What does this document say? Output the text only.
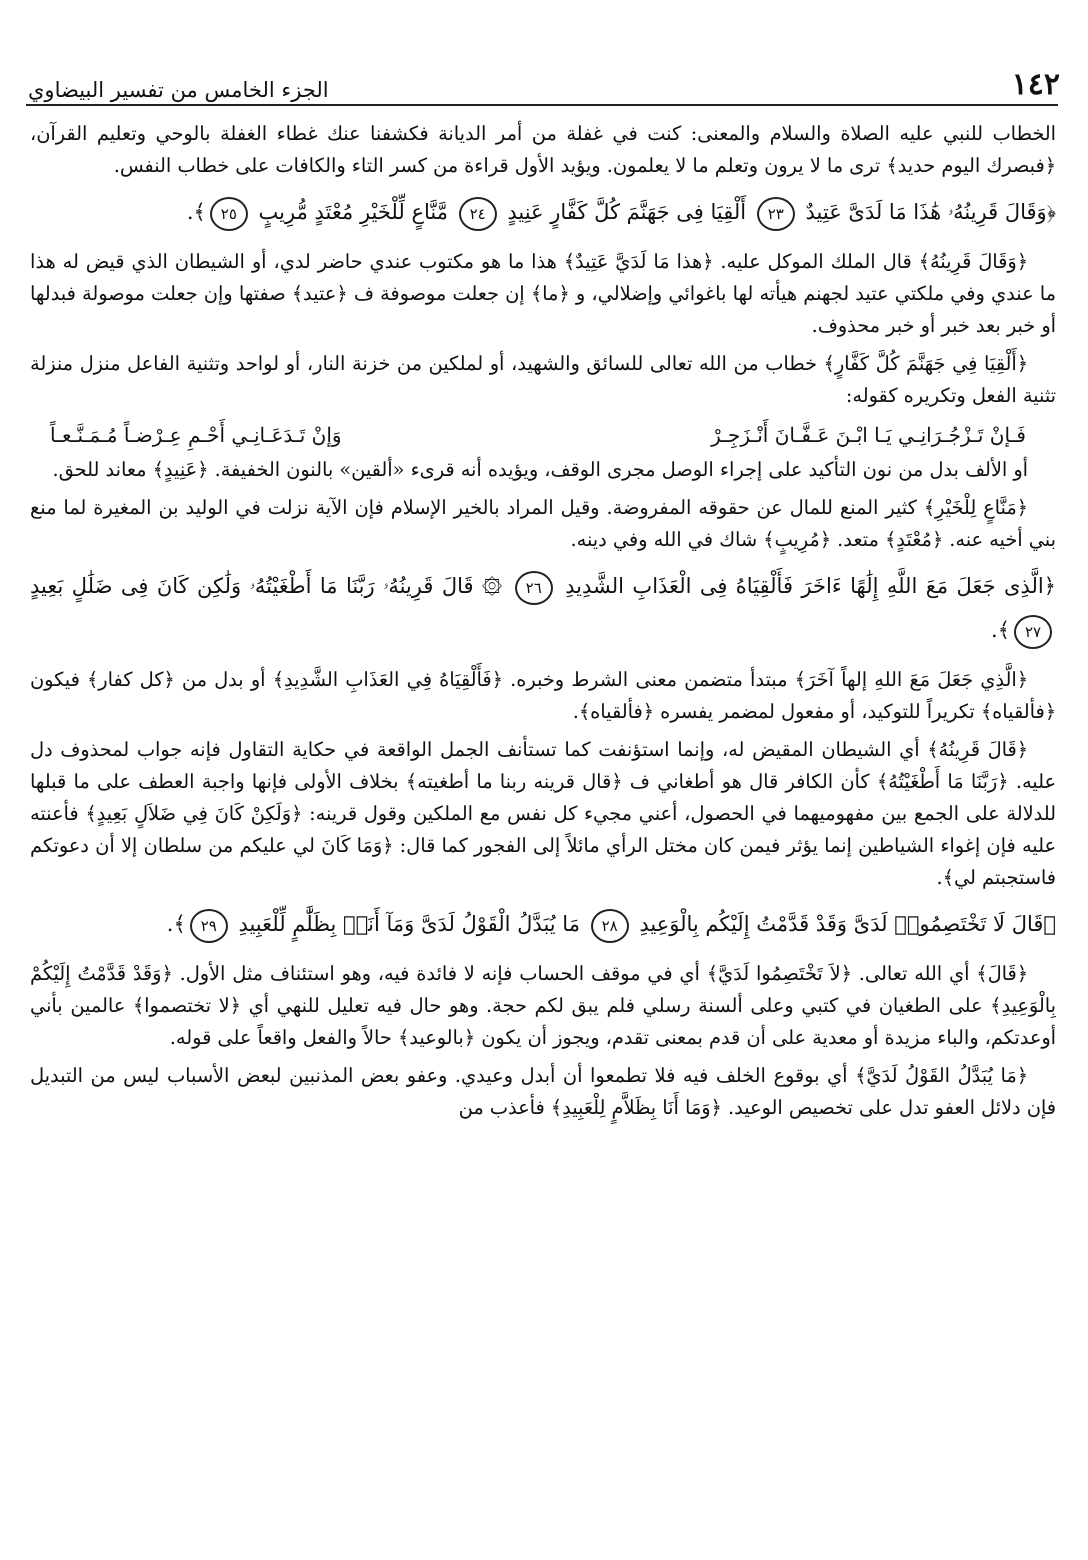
١٤٢
الجزء الخامس من تفسير البيضاوي

الخطاب للنبي عليه الصلاة والسلام والمعنى: كنت في غفلة من أمر الديانة فكشفنا عنك غطاء الغفلة بالوحي وتعليم القرآن، ﴿فبصرك اليوم حديد﴾ ترى ما لا يرون وتعلم ما لا يعلمون. ويؤيد الأول قراءة من كسر التاء والكافات على خطاب النفس.

﴿وَقَالَ قَرِينُهُۥ هَٰذَا مَا لَدَىَّ عَتِيدٌ ٢٣ أَلْقِيَا فِى جَهَنَّمَ كُلَّ كَفَّارٍ عَنِيدٍ ٢٤ مَّنَّاعٍ لِّلْخَيْرِ مُعْتَدٍ مُّرِيبٍ ٢٥﴾.

﴿وَقَالَ قَرِينُهُ﴾ قال الملك الموكل عليه. ﴿هذا مَا لَدَيَّ عَتِيدٌ﴾ هذا ما هو مكتوب عندي حاضر لدي، أو الشيطان الذي قيض له هذا ما عندي وفي ملكتي عتيد لجهنم هيأته لها باغوائي وإضلالي، و ﴿ما﴾ إن جعلت موصوفة ف ﴿عتيد﴾ صفتها وإن جعلت موصولة فبدلها أو خبر بعد خبر أو خبر محذوف.

﴿أَلْقِيَا فِي جَهَنَّمَ كُلَّ كَفَّارٍ﴾ خطاب من الله تعالى للسائق والشهيد، أو لملكين من خزنة النار، أو لواحد وتثنية الفاعل منزل منزلة تثنية الفعل وتكريره كقوله:

فَـإنْ تَـزْجُـرَانِـي يَـا ابْـنَ عَـفَّـانَ أَنْـزَجِـرْ
وَإنْ تَـدَعَـانِـي أَحْـمِ عِـرْضـاً مُـمَـنَّـعـاً

أو الألف بدل من نون التأكيد على إجراء الوصل مجرى الوقف، ويؤيده أنه قرىء «ألقين» بالنون الخفيفة. ﴿عَنِيدٍ﴾ معاند للحق.

﴿مَنَّاعٍ لِلْخَيْرِ﴾ كثير المنع للمال عن حقوقه المفروضة. وقيل المراد بالخير الإسلام فإن الآية نزلت في الوليد بن المغيرة لما منع بني أخيه عنه. ﴿مُعْتَدٍ﴾ متعد. ﴿مُرِيبٍ﴾ شاك في الله وفي دينه.

﴿الَّذِى جَعَلَ مَعَ اللَّهِ إِلَٰهًا ءَاخَرَ فَأَلْقِيَاهُ فِى الْعَذَابِ الشَّدِيدِ ٢٦ ۞ قَالَ قَرِينُهُۥ رَبَّنَا مَا أَطْغَيْتُهُۥ وَلَٰكِن كَانَ فِى ضَلَٰلٍ بَعِيدٍ ٢٧﴾.

﴿الَّذِي جَعَلَ مَعَ اللهِ إلهاً آخَرَ﴾ مبتدأ متضمن معنى الشرط وخبره. ﴿فَأَلْقِيَاهُ فِي العَذَابِ الشَّدِيدِ﴾ أو بدل من ﴿كل كفار﴾ فيكون ﴿فألقياه﴾ تكريراً للتوكيد، أو مفعول لمضمر يفسره ﴿فألقياه﴾.

﴿قَالَ قَرِينُهُ﴾ أي الشيطان المقيض له، وإنما استؤنفت كما تستأنف الجمل الواقعة في حكاية التقاول فإنه جواب لمحذوف دل عليه. ﴿رَبَّنَا مَا أَطْغَيْتُهُ﴾ كأن الكافر قال هو أطغاني ف ﴿قال قرينه ربنا ما أطغيته﴾ بخلاف الأولى فإنها واجبة العطف على ما قبلها للدلالة على الجمع بين مفهوميهما في الحصول، أعني مجيء كل نفس مع الملكين وقول قرينه: ﴿وَلَكِنْ كَانَ فِي ضَلاَلٍ بَعِيدٍ﴾ فأعنته عليه فإن إغواء الشياطين إنما يؤثر فيمن كان مختل الرأي مائلاً إلى الفجور كما قال: ﴿وَمَا كَانَ لي عليكم من سلطان إلا أن دعوتكم فاستجبتم لي﴾.

﴿قَالَ لَا تَخْتَصِمُوا۟ لَدَىَّ وَقَدْ قَدَّمْتُ إِلَيْكُم بِالْوَعِيدِ ٢٨ مَا يُبَدَّلُ الْقَوْلُ لَدَىَّ وَمَآ أَنَا۠ بِظَلَّٰمٍ لِّلْعَبِيدِ ٢٩﴾.

﴿قَالَ﴾ أي الله تعالى. ﴿لاَ تَخْتَصِمُوا لَدَيَّ﴾ أي في موقف الحساب فإنه لا فائدة فيه، وهو استئناف مثل الأول. ﴿وَقَدْ قَدَّمْتُ إِلَيْكُمْ بِالْوَعِيدِ﴾ على الطغيان في كتبي وعلى ألسنة رسلي فلم يبق لكم حجة. وهو حال فيه تعليل للنهي أي ﴿لا تختصموا﴾ عالمين بأني أوعدتكم، والباء مزيدة أو معدية على أن قدم بمعنى تقدم، ويجوز أن يكون ﴿بالوعيد﴾ حالاً والفعل واقعاً على قوله.

﴿مَا يُبَدَّلُ القَوْلُ لَدَيَّ﴾ أي بوقوع الخلف فيه فلا تطمعوا أن أبدل وعيدي. وعفو بعض المذنبين لبعض الأسباب ليس من التبديل فإن دلائل العفو تدل على تخصيص الوعيد. ﴿وَمَا أَنَا بِظَلاَّمٍ لِلْعَبِيدِ﴾ فأعذب من
